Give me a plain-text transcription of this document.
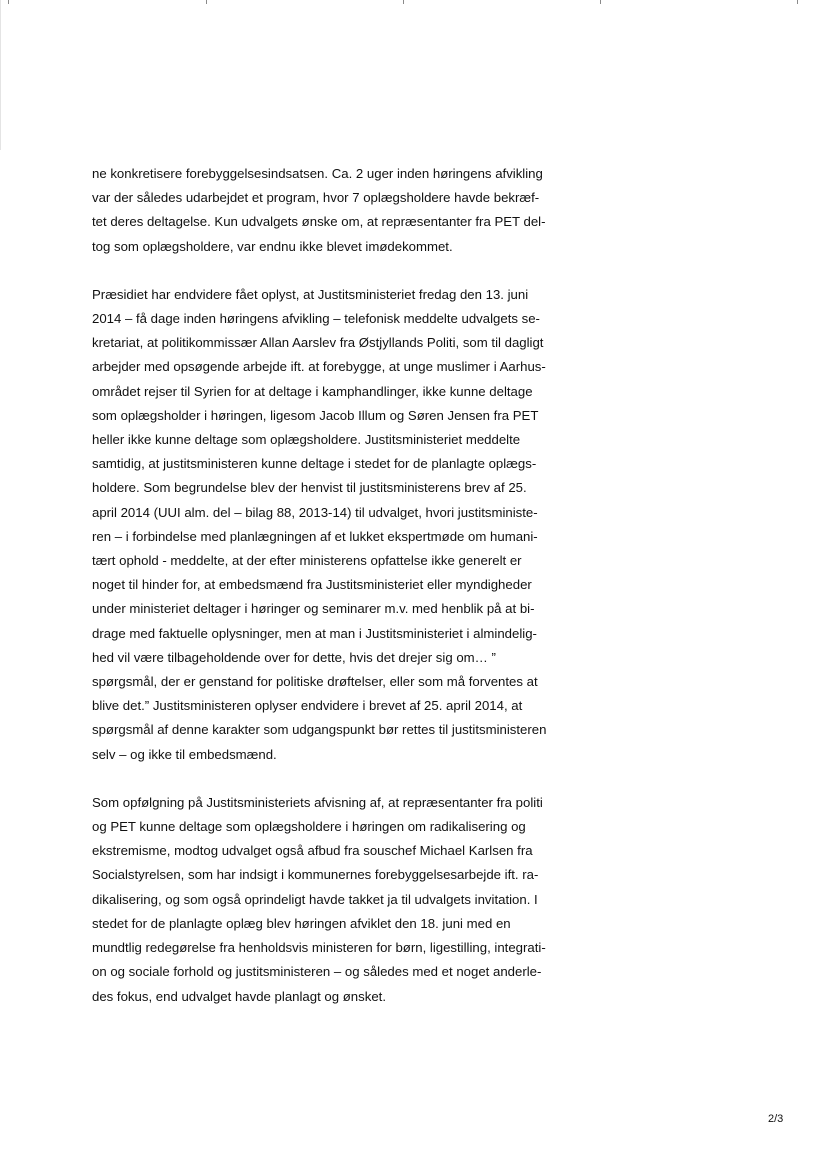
ne konkretisere forebyggelsesindsatsen. Ca. 2 uger inden høringens afvikling
var der således udarbejdet et program, hvor 7 oplægsholdere havde bekræf-
tet deres deltagelse. Kun udvalgets ønske om, at repræsentanter fra PET del-
tog som oplægsholdere, var endnu ikke blevet imødekommet.
Præsidiet har endvidere fået oplyst, at Justitsministeriet fredag den 13. juni
2014 – få dage inden høringens afvikling – telefonisk meddelte udvalgets se-
kretariat, at politikommissær Allan Aarslev fra Østjyllands Politi, som til dagligt
arbejder med opsøgende arbejde ift. at forebygge, at unge muslimer i Aarhus-
området rejser til Syrien for at deltage i kamphandlinger, ikke kunne deltage
som oplægsholder i høringen, ligesom Jacob Illum og Søren Jensen fra PET
heller ikke kunne deltage som oplægsholdere. Justitsministeriet meddelte
samtidig, at justitsministeren kunne deltage i stedet for de planlagte oplægs-
holdere. Som begrundelse blev der henvist til justitsministerens brev af 25.
april 2014 (UUI alm. del – bilag 88, 2013-14) til udvalget, hvori justitsministe-
ren – i forbindelse med planlægningen af et lukket ekspertmøde om humani-
tært ophold - meddelte, at der efter ministerens opfattelse ikke generelt er
noget til hinder for, at embedsmænd fra Justitsministeriet eller myndigheder
under ministeriet deltager i høringer og seminarer m.v. med henblik på at bi-
drage med faktuelle oplysninger, men at man i Justitsministeriet i almindelig-
hed vil være tilbageholdende over for dette, hvis det drejer sig om… ”
spørgsmål, der er genstand for politiske drøftelser, eller som må forventes at
blive det.” Justitsministeren oplyser endvidere i brevet af 25. april 2014, at
spørgsmål af denne karakter som udgangspunkt bør rettes til justitsministeren
selv – og ikke til embedsmænd.
Som opfølgning på Justitsministeriets afvisning af, at repræsentanter fra politi
og PET kunne deltage som oplægsholdere i høringen om radikalisering og
ekstremisme, modtog udvalget også afbud fra souschef Michael Karlsen fra
Socialstyrelsen, som har indsigt i kommunernes forebyggelsesarbejde ift. ra-
dikalisering, og som også oprindeligt havde takket ja til udvalgets invitation. I
stedet for de planlagte oplæg blev høringen afviklet den 18. juni med en
mundtlig redegørelse fra henholdsvis ministeren for børn, ligestilling, integrati-
on og sociale forhold og justitsministeren – og således med et noget anderle-
des fokus, end udvalget havde planlagt og ønsket.
2/3
